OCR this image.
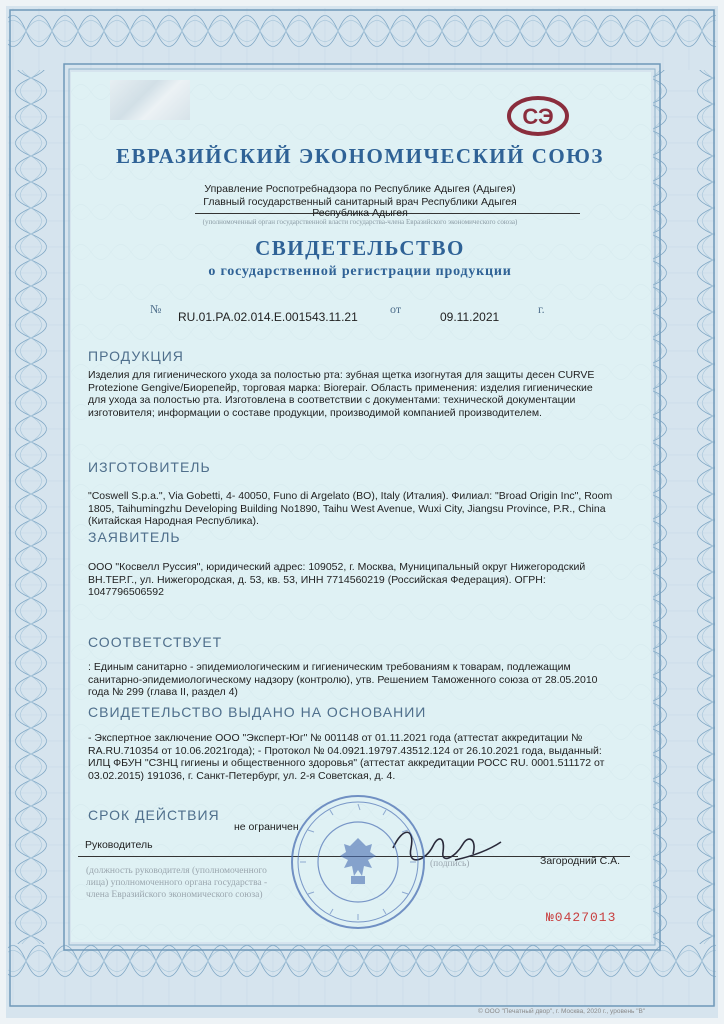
СЭ
ЕВРАЗИЙСКИЙ ЭКОНОМИЧЕСКИЙ СОЮЗ
Управление Роспотребнадзора по Республике Адыгея (Адыгея)
Главный государственный санитарный врач Республики Адыгея
Республика Адыгея
(уполномоченный орган государственной власти государства-члена Евразийского экономического союза)
СВИДЕТЕЛЬСТВО
о государственной регистрации продукции
№
RU.01.РА.02.014.Е.001543.11.21
от
09.11.2021
г.
ПРОДУКЦИЯ
Изделия для гигиенического ухода за полостью рта: зубная щетка изогнутая для защиты десен CURVE
Protezione Gengive/Биорепейр, торговая марка: Biorepair. Область применения: изделия гигиенические
для ухода за полостью рта. Изготовлена в соответствии с документами: технической документации
изготовителя; информации о составе продукции, производимой компанией производителем.
ИЗГОТОВИТЕЛЬ
"Coswell S.p.a.", Via Gobetti, 4- 40050, Funo di Argelato (BO), Italy (Италия). Филиал: "Broad Origin Inc", Room
1805, Taihumingzhu Developing Building No1890, Taihu West Avenue, Wuxi City, Jiangsu Province, P.R., China
(Китайская Народная Республика).
ЗАЯВИТЕЛЬ
ООО "Косвелл Руссия", юридический адрес: 109052, г. Москва, Муниципальный округ Нижегородский
ВН.ТЕР.Г., ул. Нижегородская, д. 53, кв. 53, ИНН 7714560219 (Российская Федерация). ОГРН:
1047796506592
СООТВЕТСТВУЕТ
: Единым санитарно - эпидемиологическим и гигиеническим требованиям к товарам, подлежащим
санитарно-эпидемиологическому надзору (контролю), утв. Решением Таможенного союза от 28.05.2010
года № 299 (главa II, раздел 4)
СВИДЕТЕЛЬСТВО ВЫДАНО НА ОСНОВАНИИ
- Экспертное заключение ООО "Эксперт-Юг" № 001148 от 01.11.2021 года (аттестат аккредитации №
RA.RU.710354 от 10.06.2021года); - Протокол № 04.0921.19797.43512.124 от 26.10.2021 года, выданный:
ИЛЦ ФБУН "СЗНЦ гигиены и общественного здоровья" (аттестат аккредитации РОСС RU. 0001.511172 от
03.02.2015) 191036, г. Санкт-Петербург, ул. 2-я Советская, д. 4.
СРОК ДЕЙСТВИЯ
не ограничен
Руководитель
Загородний С.А.
(подпись)
(должность руководителя (уполномоченного
лица) уполномоченного органа государства -
члена Евразийского экономического союза)
№0427013
© ООО "Печатный двор", г. Москва, 2020 г., уровень "В"
